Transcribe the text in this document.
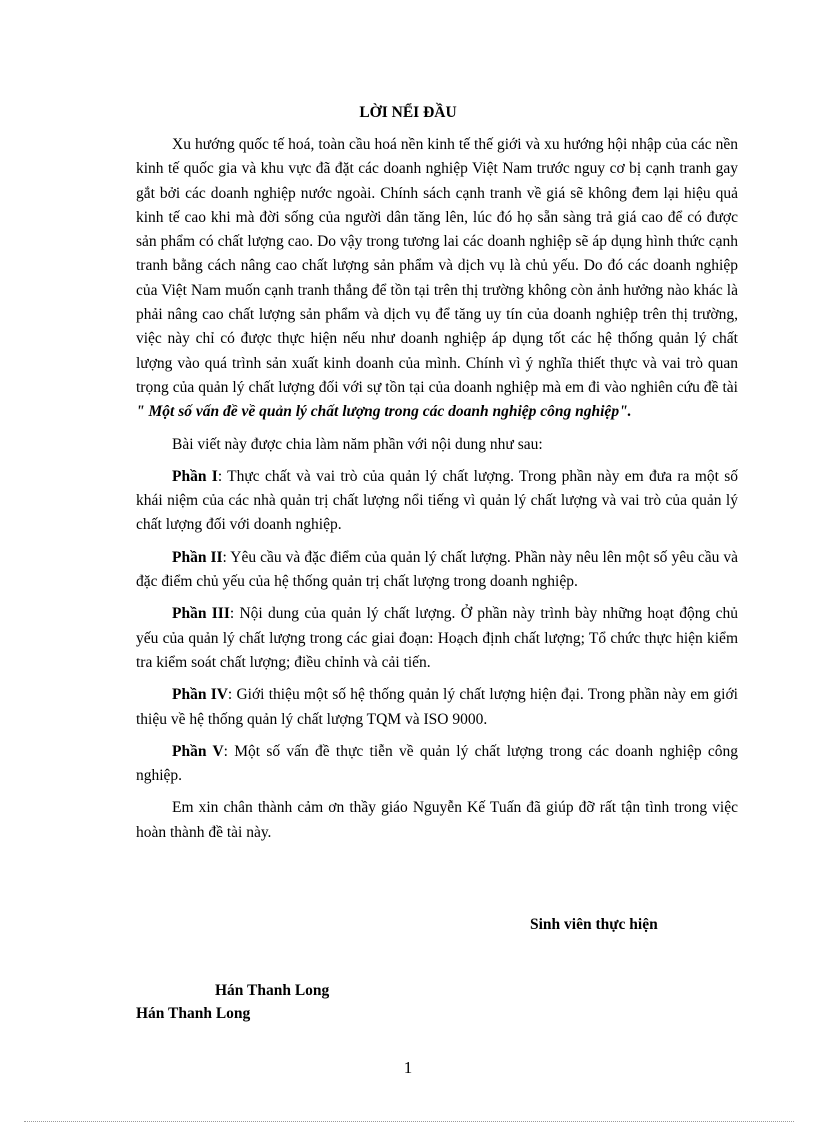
LỜI NỂI ĐẦU

Xu hướng quốc tế hoá, toàn cầu hoá nền kinh tế thế giới và xu hướng hội nhập của các nền kinh tế quốc gia và khu vực đã đặt các doanh nghiệp Việt Nam trước nguy cơ bị cạnh tranh gay gắt bởi các doanh nghiệp nước ngoài. Chính sách cạnh tranh về giá sẽ không đem lại hiệu quả kinh tế cao khi mà đời sống của người dân tăng lên, lúc đó họ sẵn sàng trả giá cao để có được sản phẩm có chất lượng cao. Do vậy trong tương lai các doanh nghiệp sẽ áp dụng hình thức cạnh tranh bằng cách nâng cao chất lượng sản phẩm và dịch vụ là chủ yếu. Do đó các doanh nghiệp của Việt Nam muốn cạnh tranh thắng để tồn tại trên thị trường không còn ảnh hưởng nào khác là phải nâng cao chất lượng sản phẩm và dịch vụ để tăng uy tín của doanh nghiệp trên thị trường, việc này chỉ có được thực hiện nếu như doanh nghiệp áp dụng tốt các hệ thống quản lý chất lượng vào quá trình sản xuất kinh doanh của mình. Chính vì ý nghĩa thiết thực và vai trò quan trọng của quản lý chất lượng đối với sự tồn tại của doanh nghiệp mà em đi vào nghiên cứu đề tài " Một số vấn đề về quản lý chất lượng trong các doanh nghiệp công nghiệp".

Bài viết này được chia làm năm phần với nội dung như sau:

Phần I: Thực chất và vai trò của quản lý chất lượng. Trong phần này em đưa ra một số khái niệm của các nhà quản trị chất lượng nổi tiếng vì quản lý chất lượng và vai trò của quản lý chất lượng đối với doanh nghiệp.

Phần II: Yêu cầu và đặc điểm của quản lý chất lượng. Phần này nêu lên một số yêu cầu và đặc điểm chủ yếu của hệ thống quản trị chất lượng trong doanh nghiệp.

Phần III: Nội dung của quản lý chất lượng. Ở phần này trình bày những hoạt động chủ yếu của quản lý chất lượng trong các giai đoạn: Hoạch định chất lượng; Tổ chức thực hiện kiểm tra kiểm soát chất lượng; điều chỉnh và cải tiến.

Phần IV: Giới thiệu một số hệ thống quản lý chất lượng hiện đại. Trong phần này em giới thiệu về hệ thống quản lý chất lượng TQM và ISO 9000.

Phần V: Một số vấn đề thực tiễn về quản lý chất lượng trong các doanh nghiệp công nghiệp.

Em xin chân thành cảm ơn thầy giáo Nguyễn Kế Tuấn đã giúp đỡ rất tận tình trong việc hoàn thành đề tài này.

Sinh viên thực hiện
Hán Thanh Long
Hán Thanh Long
1
